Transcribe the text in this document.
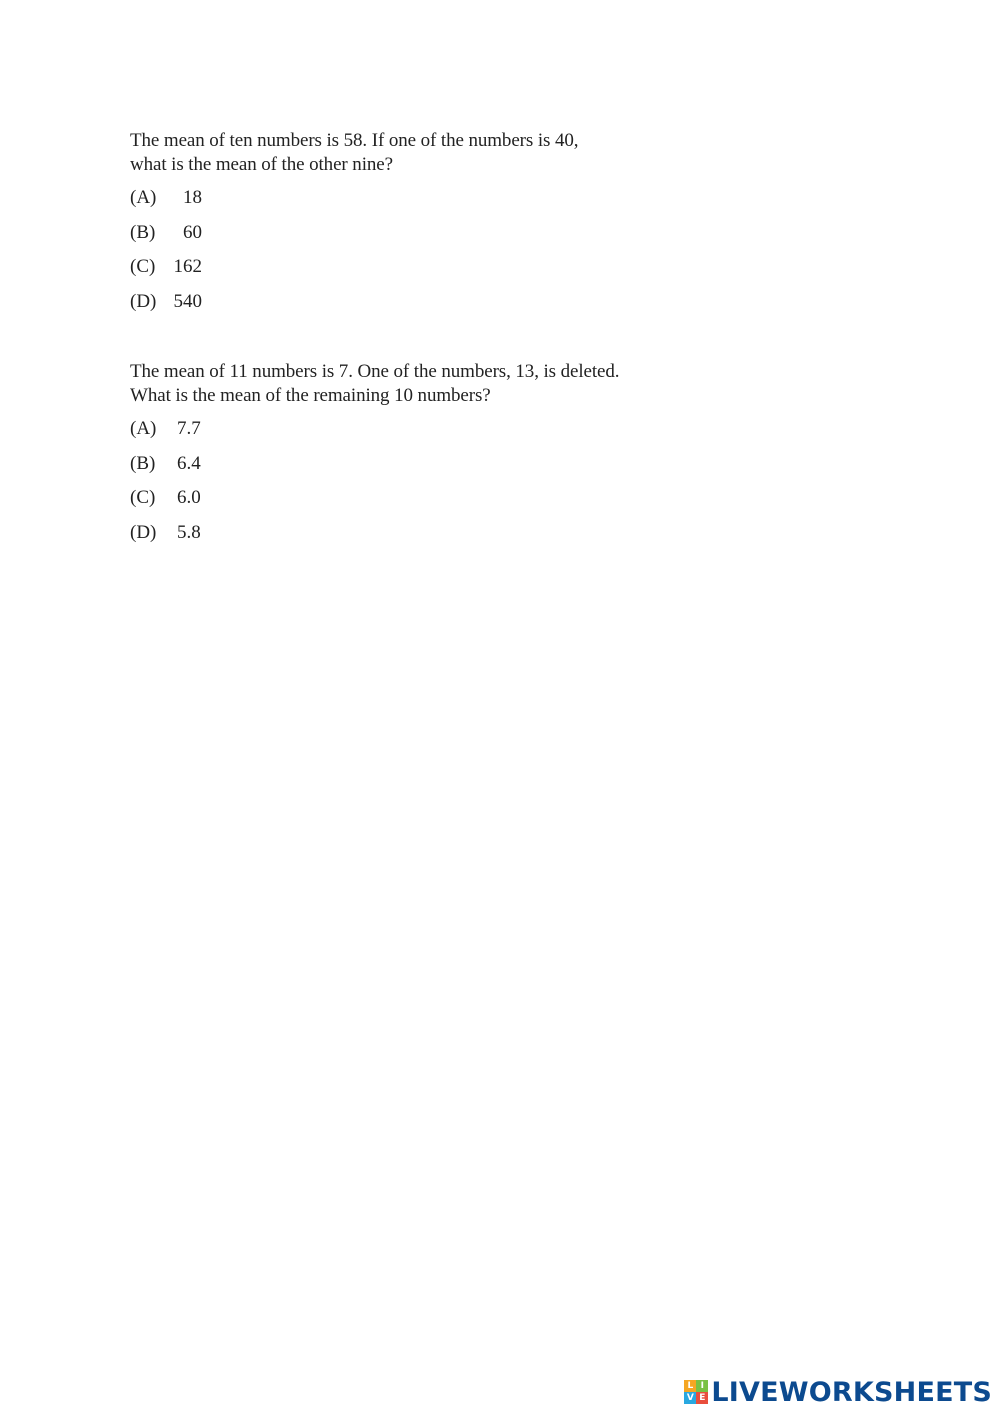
The mean of ten numbers is 58. If one of the numbers is 40,
what is the mean of the other nine?
(A)	18
(B)	60
(C) 162
(D) 540
The mean of 11 numbers is 7. One of the numbers, 13, is deleted.
What is the mean of the remaining 10 numbers?
(A)	7.7
(B)	6.4
(C)	6.0
(D)	5.8
L I
V E LIVEWORKSHEETS
